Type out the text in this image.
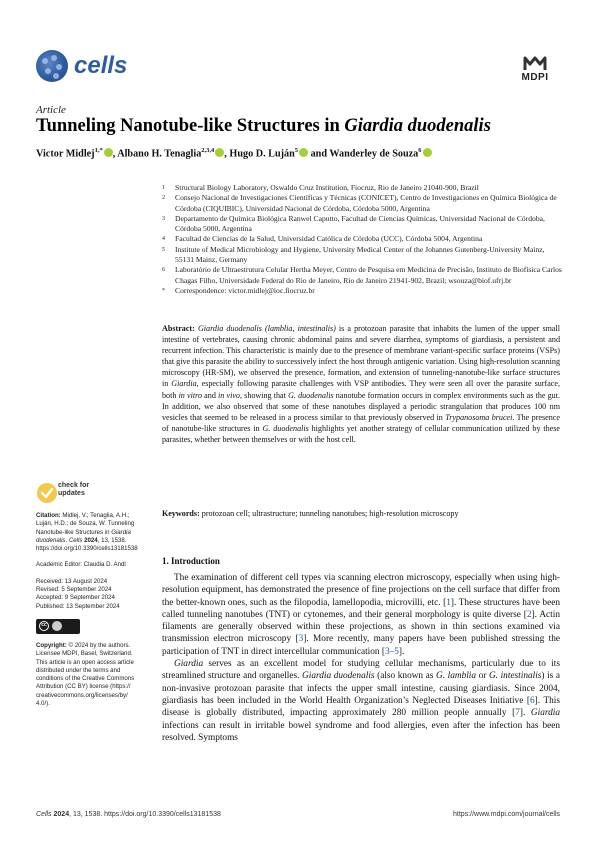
cells	MDPI
Article
Tunneling Nanotube-like Structures in Giardia duodenalis
Victor Midlej$^{1,*}$ , Albano H. Tenaglia$^{2,3,4}$ , Hugo D. Luján$^5$ and Wanderley de Souza$^6$
1	Structural Biology Laboratory, Oswaldo Cruz Institution, Fiocruz, Rio de Janeiro 21040-900, Brazil
2	Consejo Nacional de Investigaciones Científicas y Técnicas (CONICET), Centro de Investigaciones en Química Biológica de Córdoba (CIQUIBIC), Universidad Nacional de Córdoba, Córdoba 5000, Argentina
3	Departamento de Química Biológica Ranwel Caputto, Facultad de Ciencias Químicas, Universidad Nacional de Córdoba, Córdoba 5000, Argentina
4	Facultad de Ciencias de la Salud, Universidad Católica de Córdoba (UCC), Córdoba 5004, Argentina
5	Institute of Medical Microbiology and Hygiene, University Medical Center of the Johannes Gutenberg-University Mainz, 55131 Mainz, Germany
6	Laboratório de Ultraestrutura Celular Hertha Meyer, Centro de Pesquisa em Medicina de Precisão, Instituto de Biofísica Carlos Chagas Filho, Universidade Federal do Rio de Janeiro, Rio de Janeiro 21941-902, Brazil; wsouza@biof.ufrj.br
*	Correspondence: victor.midlej@ioc.fiocruz.br
Abstract: Giardia duodenalis (lamblia, intestinalis) is a protozoan parasite that inhabits the lumen of the upper small intestine of vertebrates, causing chronic abdominal pains and severe diarrhea, symptoms of giardiasis, a persistent and recurrent infection. This characteristic is mainly due to the presence of membrane variant-specific surface proteins (VSPs) that give this parasite the ability to successively infect the host through antigenic variation. Using high-resolution scanning microscopy (HR-SM), we observed the presence, formation, and extension of tunneling-nanotube-like surface structures in Giardia, especially following parasite challenges with VSP antibodies. They were seen all over the parasite surface, both in vitro and in vivo, showing that G. duodenalis nanotube formation occurs in complex environments such as the gut. In addition, we also observed that some of these nanotubes displayed a periodic strangulation that produces 100 nm vesicles that seemed to be released in a process similar to that previously observed in Trypanosoma brucei. The presence of nanotube-like structures in G. duodenalis highlights yet another strategy of cellular communication utilized by these parasites, whether between themselves or with the host cell.
Keywords: protozoan cell; ultrastructure; tunneling nanotubes; high-resolution microscopy
check for
updates

Citation: Midlej, V.; Tenaglia, A.H.; Luján, H.D.; de Souza, W. Tunneling Nanotube-like Structures in Giardia duodenalis. Cells 2024, 13, 1538. https://doi.org/10.3390/cells13181538

Academic Editor: Claudia D. Andl

Received: 13 August 2024
Revised: 5 September 2024
Accepted: 9 September 2024

Published: 13 September 2024

cc

Copyright: © 2024 by the authors. Licensee MDPI, Basel, Switzerland. This article is an open access article distributed under the terms and conditions of the Creative Commons Attribution (CC BY) license (https:// creativecommons.org/licenses/by/ 4.0/).

1. Introduction

The examination of different cell types via scanning electron microscopy, especially when using high-resolution equipment, has demonstrated the presence of fine projections on the cell surface that differ from the better-known ones, such as the filopodia, lamellopodia, microvilli, etc. [1]. These structures have been called tunneling nanotubes (TNT) or cytonemes, and their general morphology is quite diverse [2]. Actin filaments are generally observed within these projections, as shown in thin sections examined via transmission electron microscopy [3]. More recently, many papers have been published stressing the participation of TNT in direct intercellular communication [3–5].

Giardia serves as an excellent model for studying cellular mechanisms, particularly due to its streamlined structure and organelles. Giardia duodenalis (also known as G. lamblia or G. intestinalis) is a non-invasive protozoan parasite that infects the upper small intestine, causing giardiasis. Since 2004, giardiasis has been included in the World Health Organization’s Neglected Diseases Initiative [6]. This disease is globally distributed, impacting approximately 280 million people annually [7]. Giardia infections can result in irritable bowel syndrome and food allergies, even after the infection has been resolved. Symptoms

Cells 2024, 13, 1538. https://doi.org/10.3390/cells13181538	https://www.mdpi.com/journal/cells
